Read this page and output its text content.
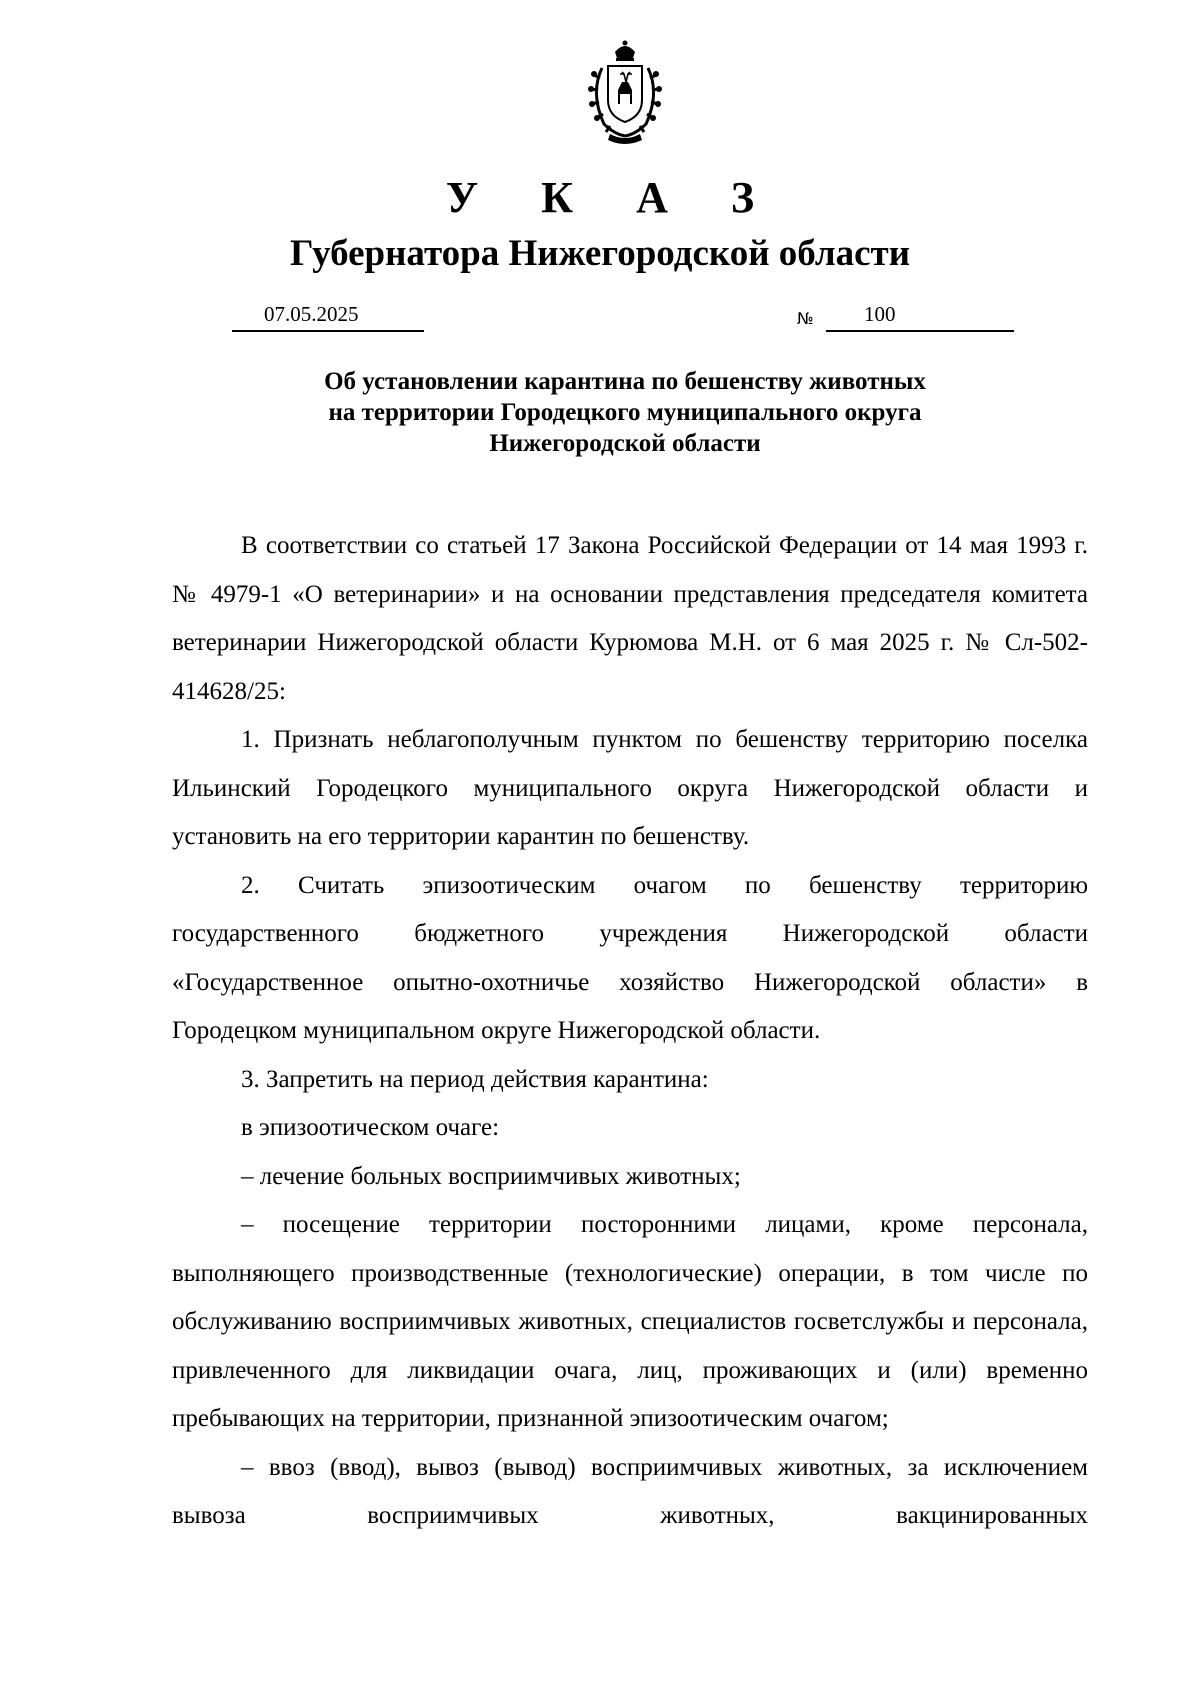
У К А З
Губернатора Нижегородской области
07.05.2025	№ 100
Об установлении карантина по бешенству животных
на территории Городецкого муниципального округа
Нижегородской области

В соответствии со статьей 17 Закона Российской Федерации от 14 мая 1993 г. № 4979-1 «О ветеринарии» и на основании представления председателя комитета ветеринарии Нижегородской области Курюмова М.Н. от 6 мая 2025 г. № Сл-502-414628/25:

1. Признать неблагополучным пунктом по бешенству территорию поселка Ильинский Городецкого муниципального округа Нижегородской области и установить на его территории карантин по бешенству.

2. Считать эпизоотическим очагом по бешенству территорию государственного бюджетного учреждения Нижегородской области «Государственное опытно-охотничье хозяйство Нижегородской области» в Городецком муниципальном округе Нижегородской области.

3. Запретить на период действия карантина:

в эпизоотическом очаге:

– лечение больных восприимчивых животных;

– посещение территории посторонними лицами, кроме персонала, выполняющего производственные (технологические) операции, в том числе по обслуживанию восприимчивых животных, специалистов госветслужбы и персонала, привлеченного для ликвидации очага, лиц, проживающих и (или) временно пребывающих на территории, признанной эпизоотическим очагом;

– ввоз (ввод), вывоз (вывод) восприимчивых животных, за исключением вывоза восприимчивых животных, вакцинированных
